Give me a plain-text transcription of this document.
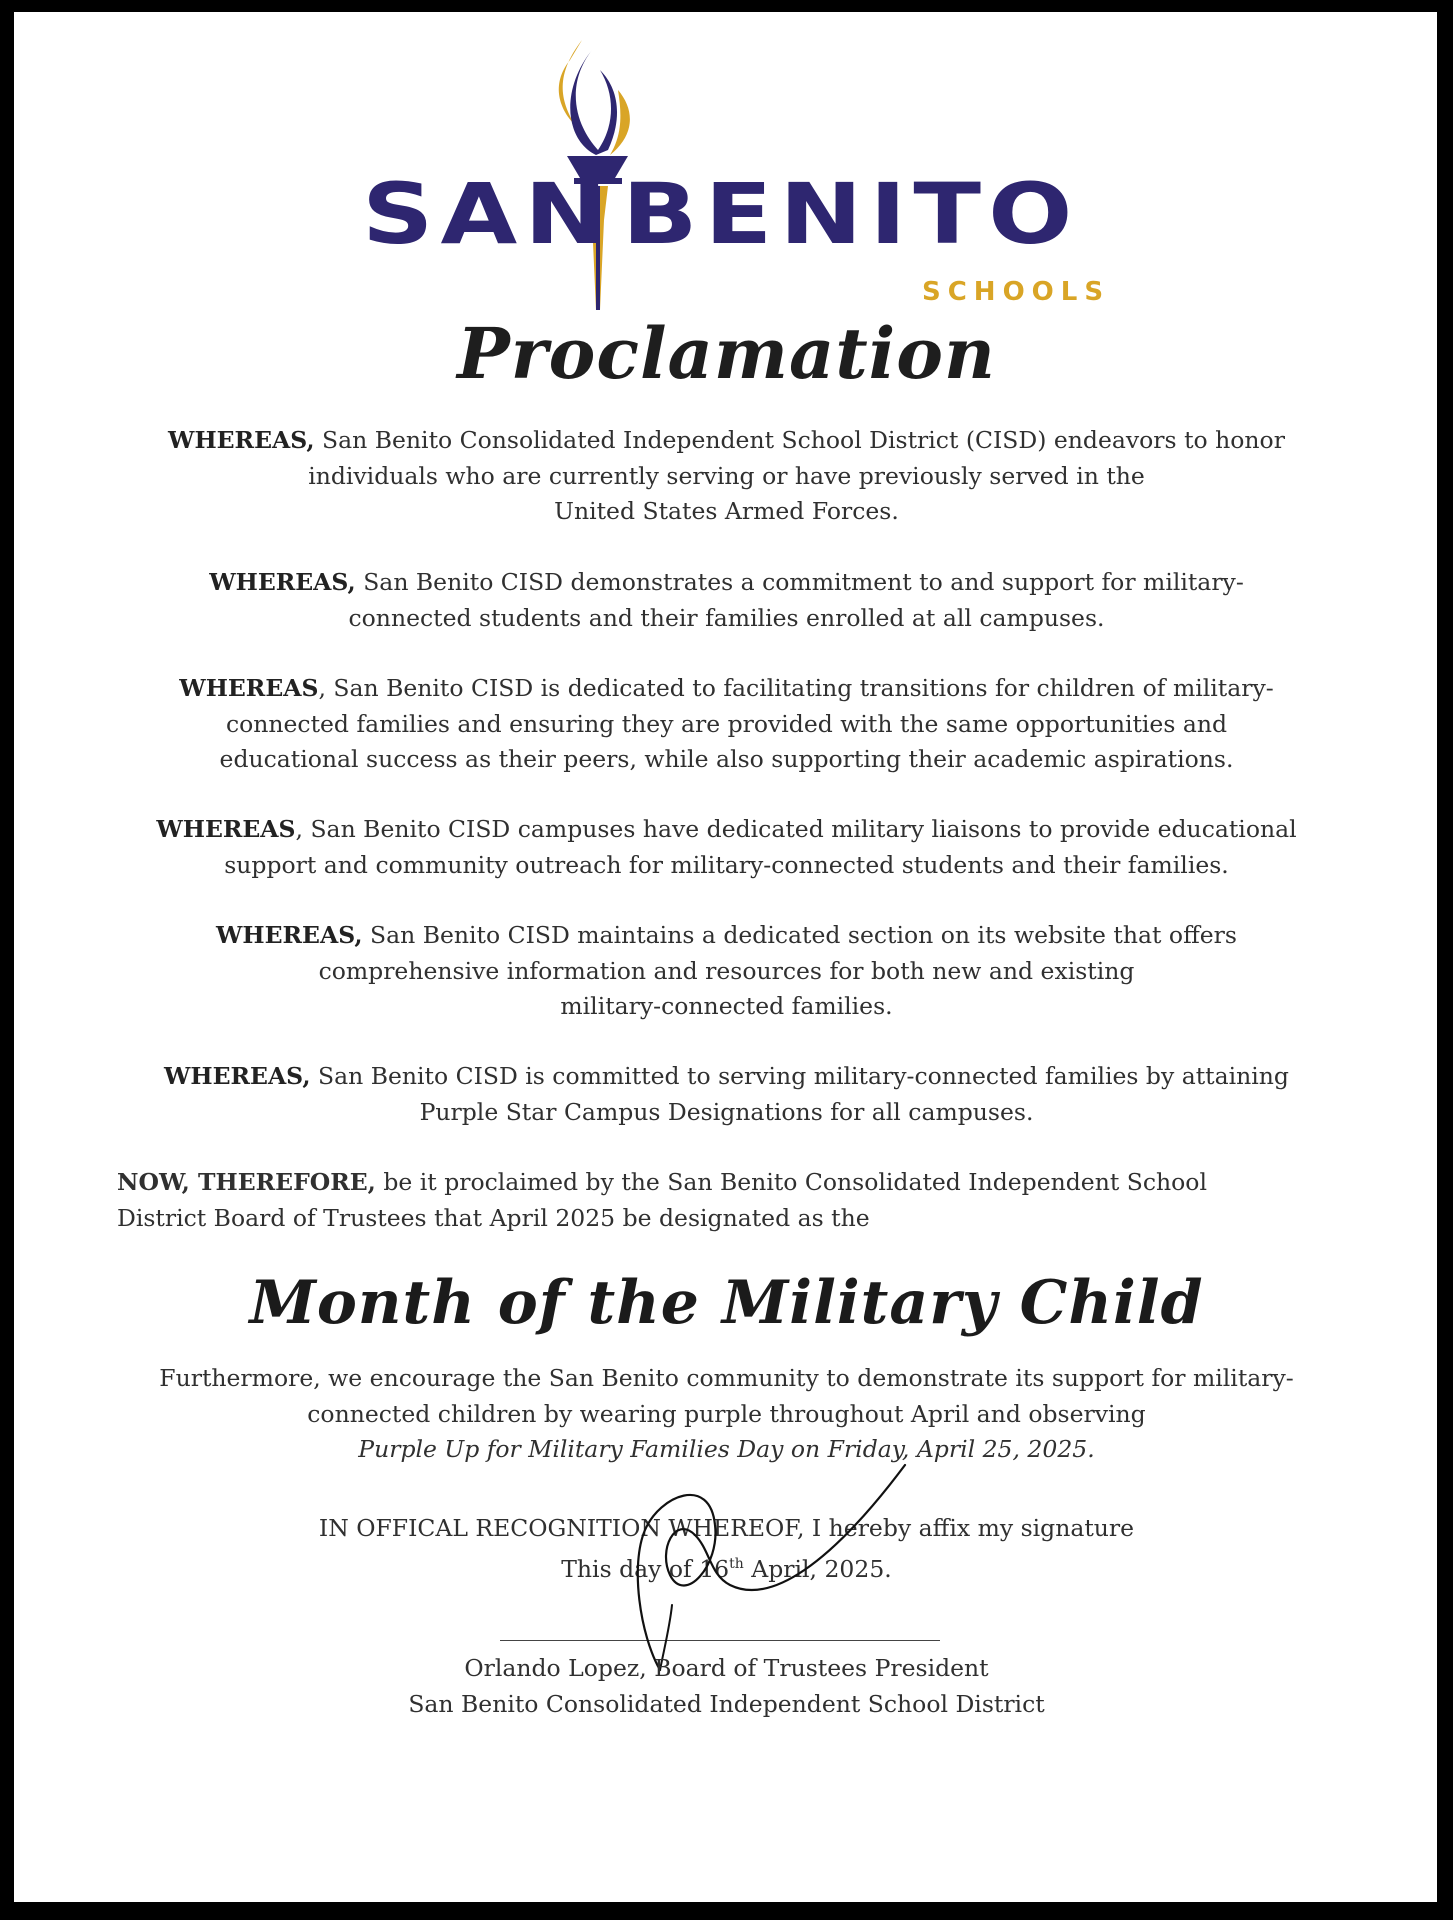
SAN BENITO
SCHOOLS
Proclamation
WHEREAS, San Benito Consolidated Independent School District (CISD) endeavors to honor
individuals who are currently serving or have previously served in the
United States Armed Forces.
WHEREAS, San Benito CISD demonstrates a commitment to and support for military-
connected students and their families enrolled at all campuses.
WHEREAS, San Benito CISD is dedicated to facilitating transitions for children of military-
connected families and ensuring they are provided with the same opportunities and
educational success as their peers, while also supporting their academic aspirations.
WHEREAS, San Benito CISD campuses have dedicated military liaisons to provide educational
support and community outreach for military-connected students and their families.
WHEREAS, San Benito CISD maintains a dedicated section on its website that offers
comprehensive information and resources for both new and existing
military-connected families.
WHEREAS, San Benito CISD is committed to serving military-connected families by attaining
Purple Star Campus Designations for all campuses.
NOW, THEREFORE, be it proclaimed by the San Benito Consolidated Independent School
District Board of Trustees that April 2025 be designated as the
Month of the Military Child
Furthermore, we encourage the San Benito community to demonstrate its support for military-
connected children by wearing purple throughout April and observing
Purple Up for Military Families Day on Friday, April 25, 2025.
IN OFFICAL RECOGNITION WHEREOF, I hereby affix my signature
This day of 16th April, 2025.
Orlando Lopez, Board of Trustees President
San Benito Consolidated Independent School District
